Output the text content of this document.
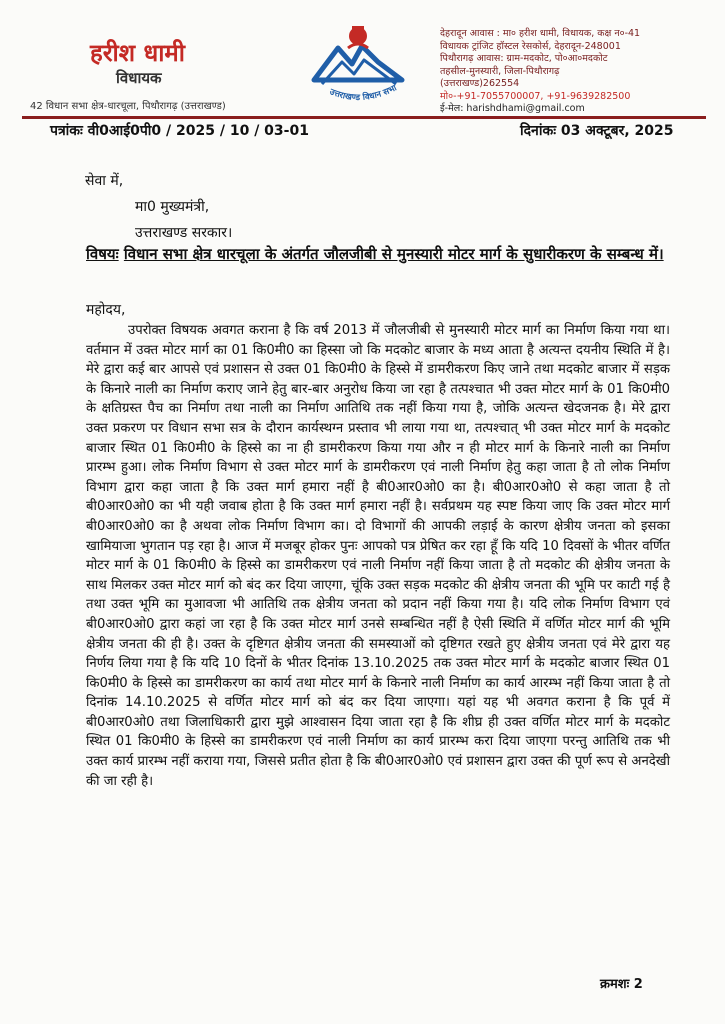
हरीश धामी
विधायक
42 विधान सभा क्षेत्र-धारचूला, पिथौरागढ़ (उत्तराखण्ड)
उत्तराखण्ड विधान सभा
देहरादून आवास : मा० हरीश धामी, विधायक, कक्ष न०-41
विधायक ट्रांजिट हॉस्टल रेसकोर्स, देहरादून-248001
पिथौरागढ़ आवास: ग्राम-मदकोट, पो०आ०मदकोट
तहसील-मुनस्यारी, जिला-पिथौरागढ़
(उत्तराखण्ड)262554
मो०-+91-7055700007, +91-9639282500
ई-मेल: harishdhami@gmail.com
पत्रांकः वी0आई0पी0 / 2025 / 10 / 03-01	दिनांकः 03 अक्टूबर, 2025
सेवा में,
मा0 मुख्यमंत्री,
उत्तराखण्ड सरकार।
विषयः विधान सभा क्षेत्र धारचूला के अंतर्गत जौलजीबी से मुनस्यारी मोटर मार्ग के सुधारीकरण के सम्बन्ध में।
महोदय,

उपरोक्त विषयक अवगत कराना है कि वर्ष 2013 में जौलजीबी से मुनस्यारी मोटर मार्ग का निर्माण किया गया था। वर्तमान में उक्त मोटर मार्ग का 01 कि0मी0 का हिस्सा जो कि मदकोट बाजार के मध्य आता है अत्यन्त दयनीय स्थिति में है। मेरे द्वारा कई बार आपसे एवं प्रशासन से उक्त 01 कि0मी0 के हिस्से में डामरीकरण किए जाने तथा मदकोट बाजार में सड़क के किनारे नाली का निर्माण कराए जाने हेतु बार-बार अनुरोध किया जा रहा है तत्पश्चात भी उक्त मोटर मार्ग के 01 कि0मी0 के क्षतिग्रस्त पैच का निर्माण तथा नाली का निर्माण आतिथि तक नहीं किया गया है, जोकि अत्यन्त खेदजनक है। मेरे द्वारा उक्त प्रकरण पर विधान सभा सत्र के दौरान कार्यस्थग्न प्रस्ताव भी लाया गया था, तत्पश्चात् भी उक्त मोटर मार्ग के मदकोट बाजार स्थित 01 कि0मी0 के हिस्से का ना ही डामरीकरण किया गया और न ही मोटर मार्ग के किनारे नाली का निर्माण प्रारम्भ हुआ। लोक निर्माण विभाग से उक्त मोटर मार्ग के डामरीकरण एवं नाली निर्माण हेतु कहा जाता है तो लोक निर्माण विभाग द्वारा कहा जाता है कि उक्त मार्ग हमारा नहीं है बी0आर0ओ0 का है। बी0आर0ओ0 से कहा जाता है तो बी0आर0ओ0 का भी यही जवाब होता है कि उक्त मार्ग हमारा नहीं है। सर्वप्रथम यह स्पष्ट किया जाए कि उक्त मोटर मार्ग बी0आर0ओ0 का है अथवा लोक निर्माण विभाग का। दो विभागों की आपकी लड़ाई के कारण क्षेत्रीय जनता को इसका खामियाजा भुगतान पड़ रहा है। आज में मजबूर होकर पुनः आपको पत्र प्रेषित कर रहा हूँ कि यदि 10 दिवसों के भीतर वर्णित मोटर मार्ग के 01 कि0मी0 के हिस्से का डामरीकरण एवं नाली निर्माण नहीं किया जाता है तो मदकोट की क्षेत्रीय जनता के साथ मिलकर उक्त मोटर मार्ग को बंद कर दिया जाएगा, चूंकि उक्त सड़क मदकोट की क्षेत्रीय जनता की भूमि पर काटी गई है तथा उक्त भूमि का मुआवजा भी आतिथि तक क्षेत्रीय जनता को प्रदान नहीं किया गया है। यदि लोक निर्माण विभाग एवं बी0आर0ओ0 द्वारा कहां जा रहा है कि उक्त मोटर मार्ग उनसे सम्बन्धित नहीं है ऐसी स्थिति में वर्णित मोटर मार्ग की भूमि क्षेत्रीय जनता की ही है। उक्त के दृष्टिगत क्षेत्रीय जनता की समस्याओं को दृष्टिगत रखते हुए क्षेत्रीय जनता एवं मेरे द्वारा यह निर्णय लिया गया है कि यदि 10 दिनों के भीतर दिनांक 13.10.2025 तक उक्त मोटर मार्ग के मदकोट बाजार स्थित 01 कि0मी0 के हिस्से का डामरीकरण का कार्य तथा मोटर मार्ग के किनारे नाली निर्माण का कार्य आरम्भ नहीं किया जाता है तो दिनांक 14.10.2025 से वर्णित मोटर मार्ग को बंद कर दिया जाएगा। यहां यह भी अवगत कराना है कि पूर्व में बी0आर0ओ0 तथा जिलाधिकारी द्वारा मुझे आश्वासन दिया जाता रहा है कि शीघ्र ही उक्त वर्णित मोटर मार्ग के मदकोट स्थित 01 कि0मी0 के हिस्से का डामरीकरण एवं नाली निर्माण का कार्य प्रारम्भ करा दिया जाएगा परन्तु आतिथि तक भी उक्त कार्य प्रारम्भ नहीं कराया गया, जिससे प्रतीत होता है कि बी0आर0ओ0 एवं प्रशासन द्वारा उक्त की पूर्ण रूप से अनदेखी की जा रही है।

क्रमशः 2
